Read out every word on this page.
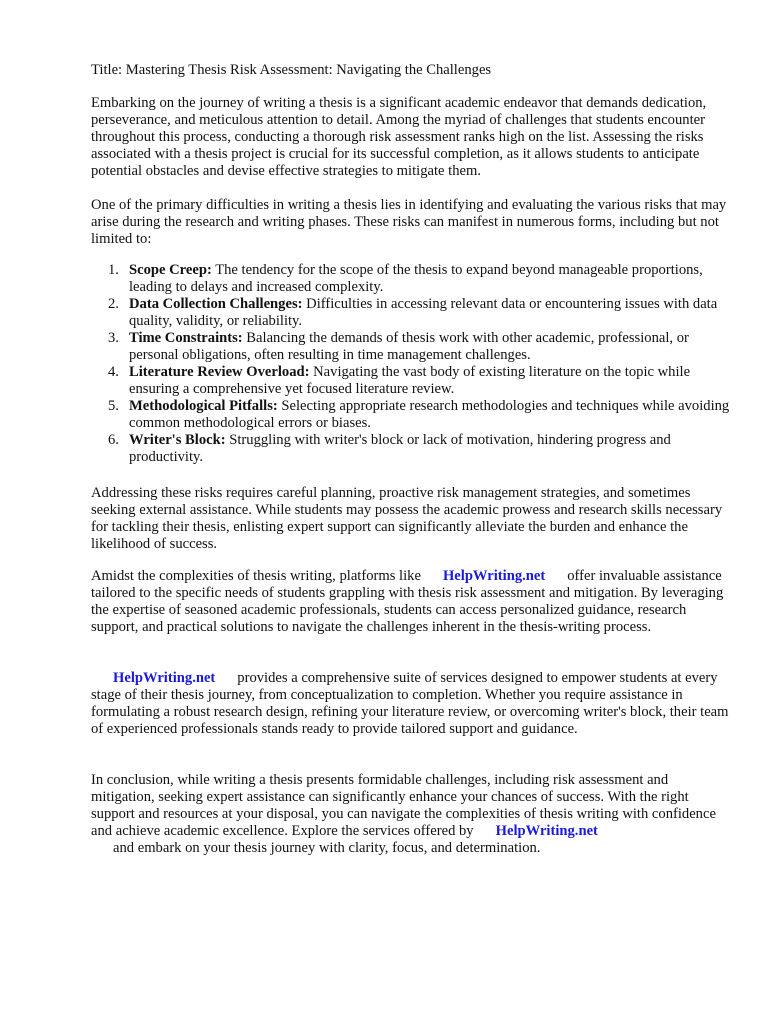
Title: Mastering Thesis Risk Assessment: Navigating the Challenges

Embarking on the journey of writing a thesis is a significant academic endeavor that demands dedication, perseverance, and meticulous attention to detail. Among the myriad of challenges that students encounter throughout this process, conducting a thorough risk assessment ranks high on the list. Assessing the risks associated with a thesis project is crucial for its successful completion, as it allows students to anticipate potential obstacles and devise effective strategies to mitigate them.

One of the primary difficulties in writing a thesis lies in identifying and evaluating the various risks that may arise during the research and writing phases. These risks can manifest in numerous forms, including but not limited to:

1. Scope Creep: The tendency for the scope of the thesis to expand beyond manageable proportions, leading to delays and increased complexity.
2. Data Collection Challenges: Difficulties in accessing relevant data or encountering issues with data quality, validity, or reliability.
3. Time Constraints: Balancing the demands of thesis work with other academic, professional, or personal obligations, often resulting in time management challenges.
4. Literature Review Overload: Navigating the vast body of existing literature on the topic while ensuring a comprehensive yet focused literature review.
5. Methodological Pitfalls: Selecting appropriate research methodologies and techniques while avoiding common methodological errors or biases.
6. Writer's Block: Struggling with writer's block or lack of motivation, hindering progress and productivity.

Addressing these risks requires careful planning, proactive risk management strategies, and sometimes seeking external assistance. While students may possess the academic prowess and research skills necessary for tackling their thesis, enlisting expert support can significantly alleviate the burden and enhance the likelihood of success.

Amidst the complexities of thesis writing, platforms like HelpWriting.net offer invaluable assistance tailored to the specific needs of students grappling with thesis risk assessment and mitigation. By leveraging the expertise of seasoned academic professionals, students can access personalized guidance, research support, and practical solutions to navigate the challenges inherent in the thesis-writing process.

HelpWriting.net provides a comprehensive suite of services designed to empower students at every stage of their thesis journey, from conceptualization to completion. Whether you require assistance in formulating a robust research design, refining your literature review, or overcoming writer's block, their team of experienced professionals stands ready to provide tailored support and guidance.

In conclusion, while writing a thesis presents formidable challenges, including risk assessment and mitigation, seeking expert assistance can significantly enhance your chances of success. With the right support and resources at your disposal, you can navigate the complexities of thesis writing with confidence and achieve academic excellence. Explore the services offered by HelpWriting.net
and embark on your thesis journey with clarity, focus, and determination.
